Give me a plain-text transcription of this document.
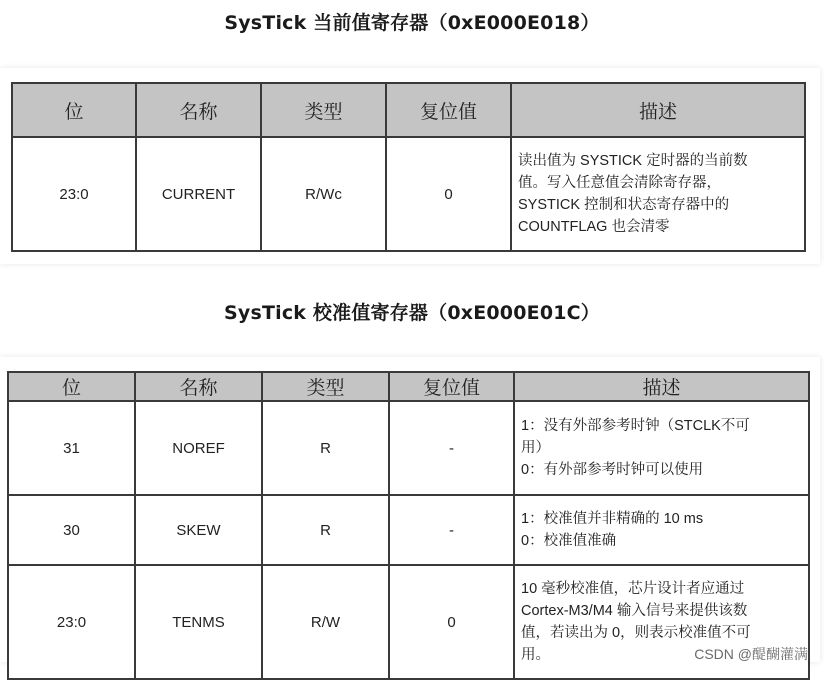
SysTick 当前值寄存器（0xE000E018）
位	名称	类型	复位值	描述
23:0	CURRENT	R/Wc	0	读出值为 SYSTICK 定时器的当前数
值。写入任意值会清除寄存器，
SYSTICK 控制和状态寄存器中的
COUNTFLAG 也会清零
SysTick 校准值寄存器（0xE000E01C）
位	名称	类型	复位值	描述
31	NOREF	R	-	1：没有外部参考时钟（STCLK不可
用）
0：有外部参考时钟可以使用

30	SKEW	R	-	1：校准值并非精确的 10 ms
0：校准值准确

23:0	TENMS	R/W	0	10 毫秒校准值，芯片设计者应通过
Cortex-M3/M4 输入信号来提供该数
值，若读出为 0，则表示校准值不可
用。	CSDN @醍醐灌满
